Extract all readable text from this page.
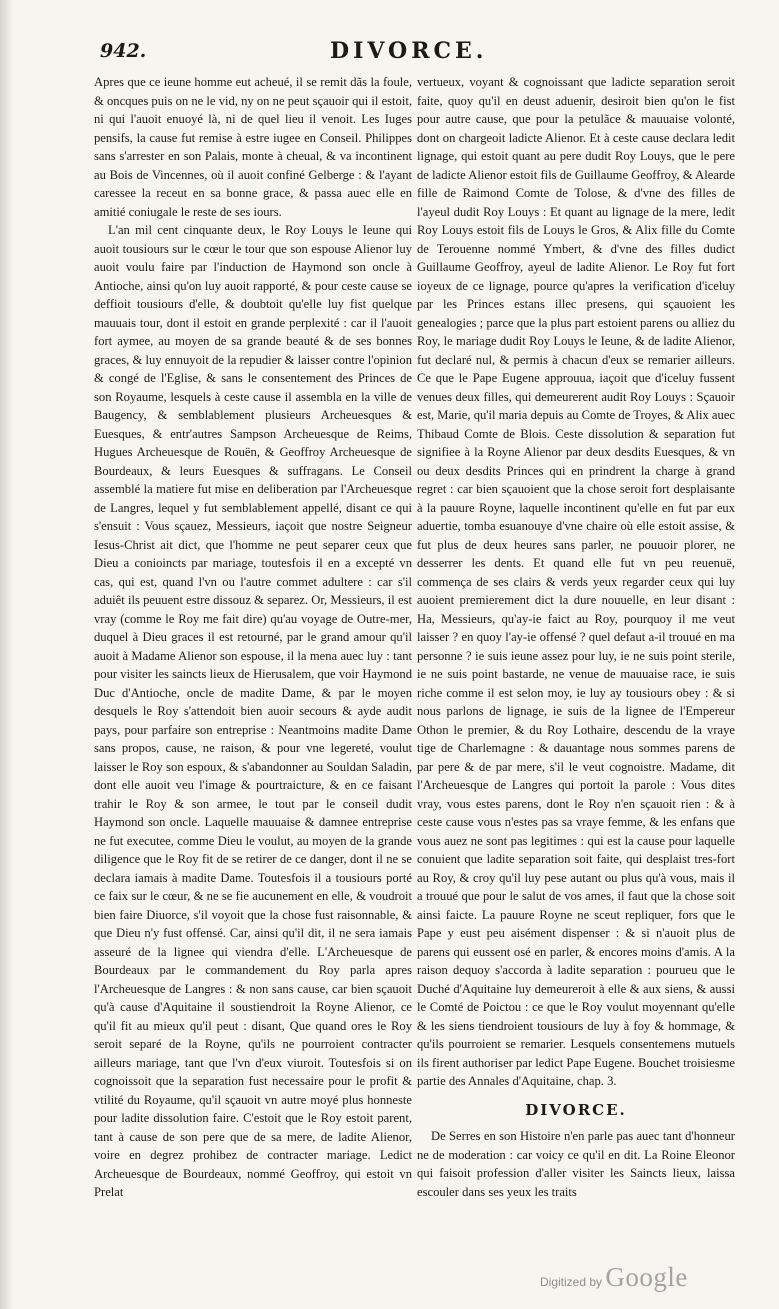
942.	DIVORCE.

Apres que ce ieune homme eut acheué, il se remit dãs la foule, & oncques puis on ne le vid, ny on ne peut sçauoir qui il estoit, ni qui l'auoit enuoyé là, ni de quel lieu il venoit. Les Iuges pensifs, la cause fut remise à estre iugee en Conseil. Philippes sans s'arrester en son Palais, monte à cheual, & va incontinent au Bois de Vincennes, où il auoit confiné Gelberge : & l'ayant caressee la receut en sa bonne grace, & passa auec elle en amitié coniugale le reste de ses iours.

L'an mil cent cinquante deux, le Roy Louys le Ieune qui auoit tousiours sur le cœur le tour que son espouse Alienor luy auoit voulu faire par l'induction de Haymond son oncle à Antioche, ainsi qu'on luy auoit rapporté, & pour ceste cause se deffioit tousiours d'elle, & doubtoit qu'elle luy fist quelque mauuais tour, dont il estoit en grande perplexité : car il l'auoit fort aymee, au moyen de sa grande beauté & de ses bonnes graces, & luy ennuyoit de la repudier & laisser contre l'opinion & congé de l'Eglise, & sans le consentement des Princes de son Royaume, lesquels à ceste cause il assembla en la ville de Baugency, & semblablement plusieurs Archeuesques & Euesques, & entr'autres Sampson Archeuesque de Reims, Hugues Archeuesque de Rouën, & Geoffroy Archeuesque de Bourdeaux, & leurs Euesques & suffragans. Le Conseil assemblé la matiere fut mise en deliberation par l'Archeuesque de Langres, lequel y fut semblablement appellé, disant ce qui s'ensuit : Vous sçauez, Messieurs, iaçoit que nostre Seigneur Iesus-Christ ait dict, que l'homme ne peut separer ceux que Dieu a conioincts par mariage, toutesfois il en a excepté vn cas, qui est, quand l'vn ou l'autre commet adultere : car s'il aduiêt ils peuuent estre dissouz & separez. Or, Messieurs, il est vray (comme le Roy me fait dire) qu'au voyage de Outre-mer, duquel à Dieu graces il est retourné, par le grand amour qu'il auoit à Madame Alienor son espouse, il la mena auec luy : tant pour visiter les saincts lieux de Hierusalem, que voir Haymond Duc d'Antioche, oncle de madite Dame, & par le moyen desquels le Roy s'attendoit bien auoir secours & ayde audit pays, pour parfaire son entreprise : Neantmoins madite Dame sans propos, cause, ne raison, & pour vne legereté, voulut laisser le Roy son espoux, & s'abandonner au Souldan Saladin, dont elle auoit veu l'image & pourtraicture, & en ce faisant trahir le Roy & son armee, le tout par le conseil dudit Haymond son oncle. Laquelle mauuaise & damnee entreprise ne fut executee, comme Dieu le voulut, au moyen de la grande diligence que le Roy fit de se retirer de ce danger, dont il ne se declara iamais à madite Dame. Toutesfois il a tousiours porté ce faix sur le cœur, & ne se fie aucunement en elle, & voudroit bien faire Diuorce, s'il voyoit que la chose fust raisonnable, & que Dieu n'y fust offensé. Car, ainsi qu'il dit, il ne sera iamais asseuré de la lignee qui viendra d'elle. L'Archeuesque de Bourdeaux par le commandement du Roy parla apres l'Archeuesque de Langres : & non sans cause, car bien sçauoit qu'à cause d'Aquitaine il soustiendroit la Royne Alienor, ce qu'il fit au mieux qu'il peut : disant, Que quand ores le Roy seroit separé de la Royne, qu'ils ne pourroient contracter ailleurs mariage, tant que l'vn d'eux viuroit. Toutesfois si on cognoissoit que la separation fust necessaire pour le profit & vtilité du Royaume, qu'il sçauoit vn autre moyé plus honneste pour ladite dissolution faire. C'estoit que le Roy estoit parent, tant à cause de son pere que de sa mere, de ladite Alienor, voire en degrez prohibez de contracter mariage. Ledict Archeuesque de Bourdeaux, nommé Geoffroy, qui estoit vn Prelat

vertueux, voyant & cognoissant que ladicte separation seroit faite, quoy qu'il en deust aduenir, desiroit bien qu'on le fist pour autre cause, que pour la petulãce & mauuaise volonté, dont on chargeoit ladicte Alienor. Et à ceste cause declara ledit lignage, qui estoit quant au pere dudit Roy Louys, que le pere de ladicte Alienor estoit fils de Guillaume Geoffroy, & Alearde fille de Raimond Comte de Tolose, & d'vne des filles de l'ayeul dudit Roy Louys : Et quant au lignage de la mere, ledit Roy Louys estoit fils de Louys le Gros, & Alix fille du Comte de Terouenne nommé Ymbert, & d'vne des filles dudict Guillaume Geoffroy, ayeul de ladite Alienor. Le Roy fut fort ioyeux de ce lignage, pource qu'apres la verification d'iceluy par les Princes estans illec presens, qui sçauoient les genealogies ; parce que la plus part estoient parens ou alliez du Roy, le mariage dudit Roy Louys le Ieune, & de ladite Alienor, fut declaré nul, & permis à chacun d'eux se remarier ailleurs. Ce que le Pape Eugene approuua, iaçoit que d'iceluy fussent venues deux filles, qui demeurerent audit Roy Louys : Sçauoir est, Marie, qu'il maria depuis au Comte de Troyes, & Alix auec Thibaud Comte de Blois. Ceste dissolution & separation fut signifiee à la Royne Alienor par deux desdits Euesques, & vn ou deux desdits Princes qui en prindrent la charge à grand regret : car bien sçauoient que la chose seroit fort desplaisante à la pauure Royne, laquelle incontinent qu'elle en fut par eux aduertie, tomba esuanouye d'vne chaire où elle estoit assise, & fut plus de deux heures sans parler, ne pouuoir plorer, ne desserrer les dents. Et quand elle fut vn peu reuenuë, commença de ses clairs & verds yeux regarder ceux qui luy auoient premierement dict la dure nouuelle, en leur disant : Ha, Messieurs, qu'ay-ie faict au Roy, pourquoy il me veut laisser ? en quoy l'ay-ie offensé ? quel defaut a-il trouué en ma personne ? ie suis ieune assez pour luy, ie ne suis point sterile, ie ne suis point bastarde, ne venue de mauuaise race, ie suis riche comme il est selon moy, ie luy ay tousiours obey : & si nous parlons de lignage, ie suis de la lignee de l'Empereur Othon le premier, & du Roy Lothaire, descendu de la vraye tige de Charlemagne : & dauantage nous sommes parens de par pere & de par mere, s'il le veut cognoistre. Madamе, dit l'Archeuesque de Langres qui portoit la parole : Vous dites vray, vous estes parens, dont le Roy n'en sçauoit rien : & à ceste cause vous n'estes pas sa vraye femme, & les enfans que vous auez ne sont pas legitimes : qui est la cause pour laquelle conuient que ladite separation soit faite, qui desplaist tres-fort au Roy, & croy qu'il luy pese autant ou plus qu'à vous, mais il a trouué que pour le salut de vos ames, il faut que la chose soit ainsi faicte. La pauure Royne ne sceut repliquer, fors que le Pape y eust peu aisément dispenser : & si n'auoit plus de parens qui eussent osé en parler, & encores moins d'amis. A la raison dequoy s'accorda à ladite separation : pourueu que le Duché d'Aquitaine luy demeureroit à elle & aux siens, & aussi le Comté de Poictou : ce que le Roy voulut moyennant qu'elle & les siens tiendroient tousiours de luy à foy & hommage, & qu'ils pourroient se remarier. Lesquels consentemens mutuels ils firent authoriser par ledict Pape Eugene. Bouchet troisiesme partie des Annales d'Aquitaine, chap. 3.

DIVORCE.

De Serres en son Histoire n'en parle pas auec tant d'honneur ne de moderation : car voicy ce qu'il en dit. La Roine Eleonor qui faisoit profession d'aller visiter les Saincts lieux, laissa escouler dans ses yeux les traits

Digitized by Google
